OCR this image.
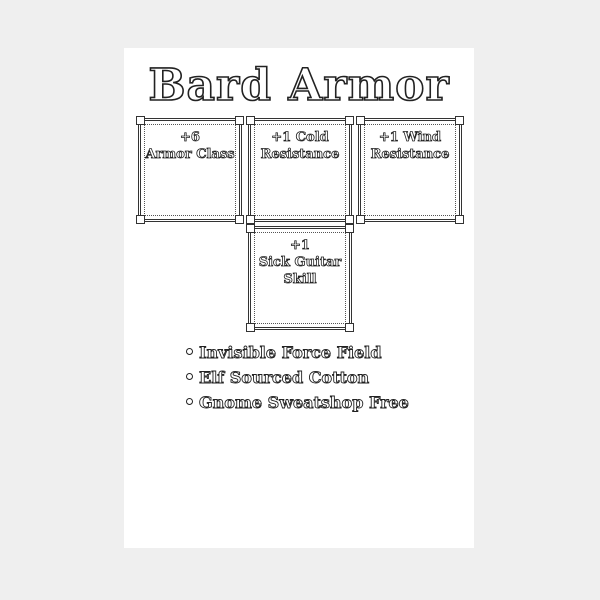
Bard Armor
+6
Armor Class
+1 Cold
Resistance
+1 Wind
Resistance
+1
Sick Guitar
Skill
Invisible Force Field
Elf Sourced Cotton
Gnome Sweatshop Free
